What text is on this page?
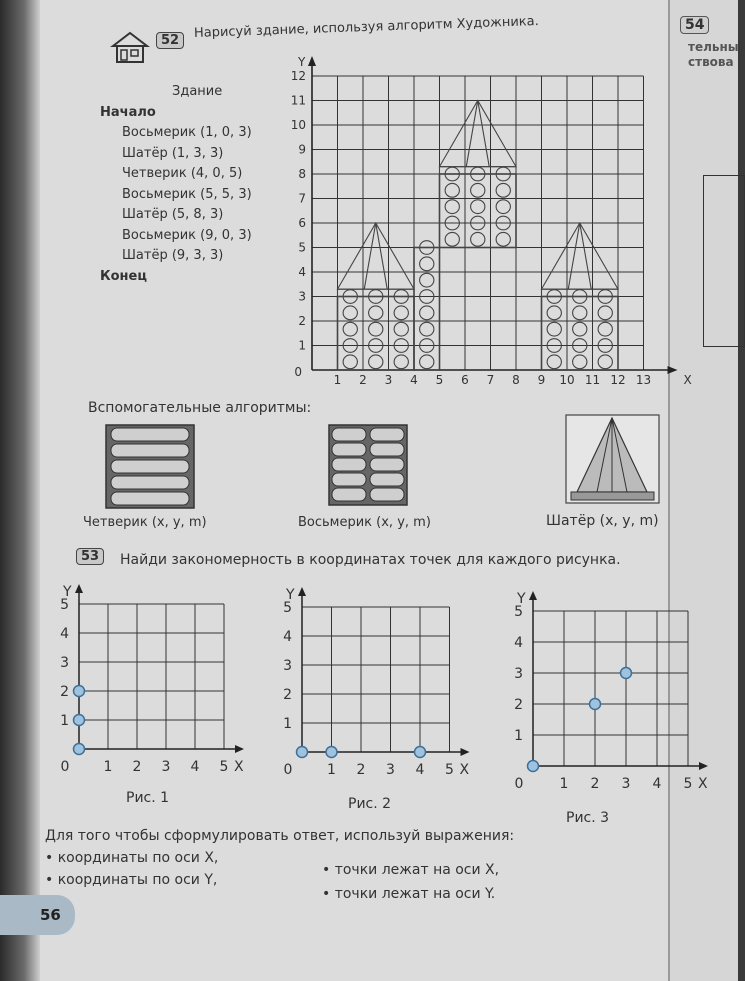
54
тельны
ствова
52	Нарисуй здание, используя алгоритм Художника.
Здание
Начало
Восьмерик (1, 0, 3)
Шатёр (1, 3, 3)
Четверик (4, 0, 5)
Восьмерик (5, 5, 3)
Шатёр (5, 8, 3)
Восьмерик (9, 0, 3)
Шатёр (9, 3, 3)
Конец
1 2 3 4 5 6 7 8 9 10 11 12 13
1
2
3
4
5
6
7
8
9
10
11
12
0
X
Y
Вспомогательные алгоритмы:
Четверик (x, y, m)	Восьмерик (x, y, m)	Шатёр (x, y, m)
53	Найди закономерность в координатах точек для каждого рисунка.
1 2 3 4 5
1
2
3
4
5
0	X
Y
1 2 3 4 5
1
2
3
4
5
0	X
Y
1 2 3 4 5
1
2
3
4
5
0	X
Y
Рис. 1	Рис. 2
Рис. 3
Для того чтобы сформулировать ответ, используй выражения:
• координаты по оси X,
• координаты по оси Y,
• точки лежат на оси X,
• точки лежат на оси Y.
56
